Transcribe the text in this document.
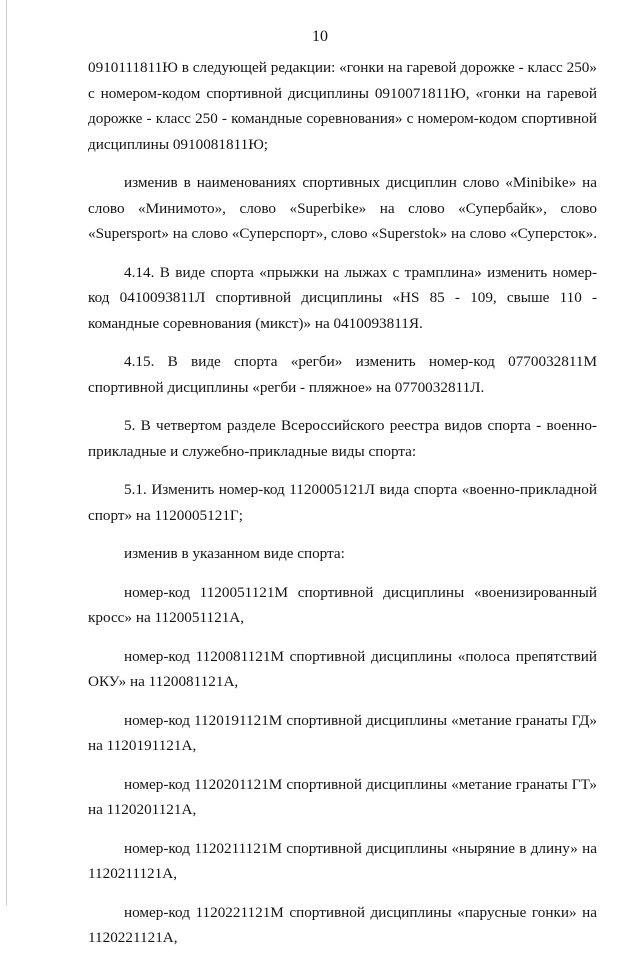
10

0910111811Ю в следующей редакции: «гонки на гаревой дорожке - класс 250» с номером-кодом спортивной дисциплины 0910071811Ю, «гонки на гаревой дорожке - класс 250 - командные соревнования» с номером-кодом спортивной дисциплины 0910081811Ю;

изменив в наименованиях спортивных дисциплин слово «Minibike» на слово «Минимото», слово «Superbike» на слово «Супербайк», слово «Supersport» на слово «Суперспорт», слово «Superstok» на слово «Суперсток».

4.14. В виде спорта «прыжки на лыжах с трамплина» изменить номер-код 0410093811Л спортивной дисциплины «HS 85 - 109, свыше 110 - командные соревнования (микст)» на 0410093811Я.

4.15. В виде спорта «регби» изменить номер-код 0770032811М спортивной дисциплины «регби - пляжное» на 0770032811Л.

5. В четвертом разделе Всероссийского реестра видов спорта - военно-прикладные и служебно-прикладные виды спорта:

5.1. Изменить номер-код 1120005121Л вида спорта «военно-прикладной спорт» на 1120005121Г;

изменив в указанном виде спорта:

номер-код 1120051121М спортивной дисциплины «военизированный кросс» на 1120051121А,

номер-код 1120081121М спортивной дисциплины «полоса препятствий ОКУ» на 1120081121А,

номер-код 1120191121М спортивной дисциплины «метание гранаты ГД» на 1120191121А,

номер-код 1120201121М спортивной дисциплины «метание гранаты ГТ» на 1120201121А,

номер-код 1120211121М спортивной дисциплины «ныряние в длину» на 1120211121А,

номер-код 1120221121М спортивной дисциплины «парусные гонки» на 1120221121А,
